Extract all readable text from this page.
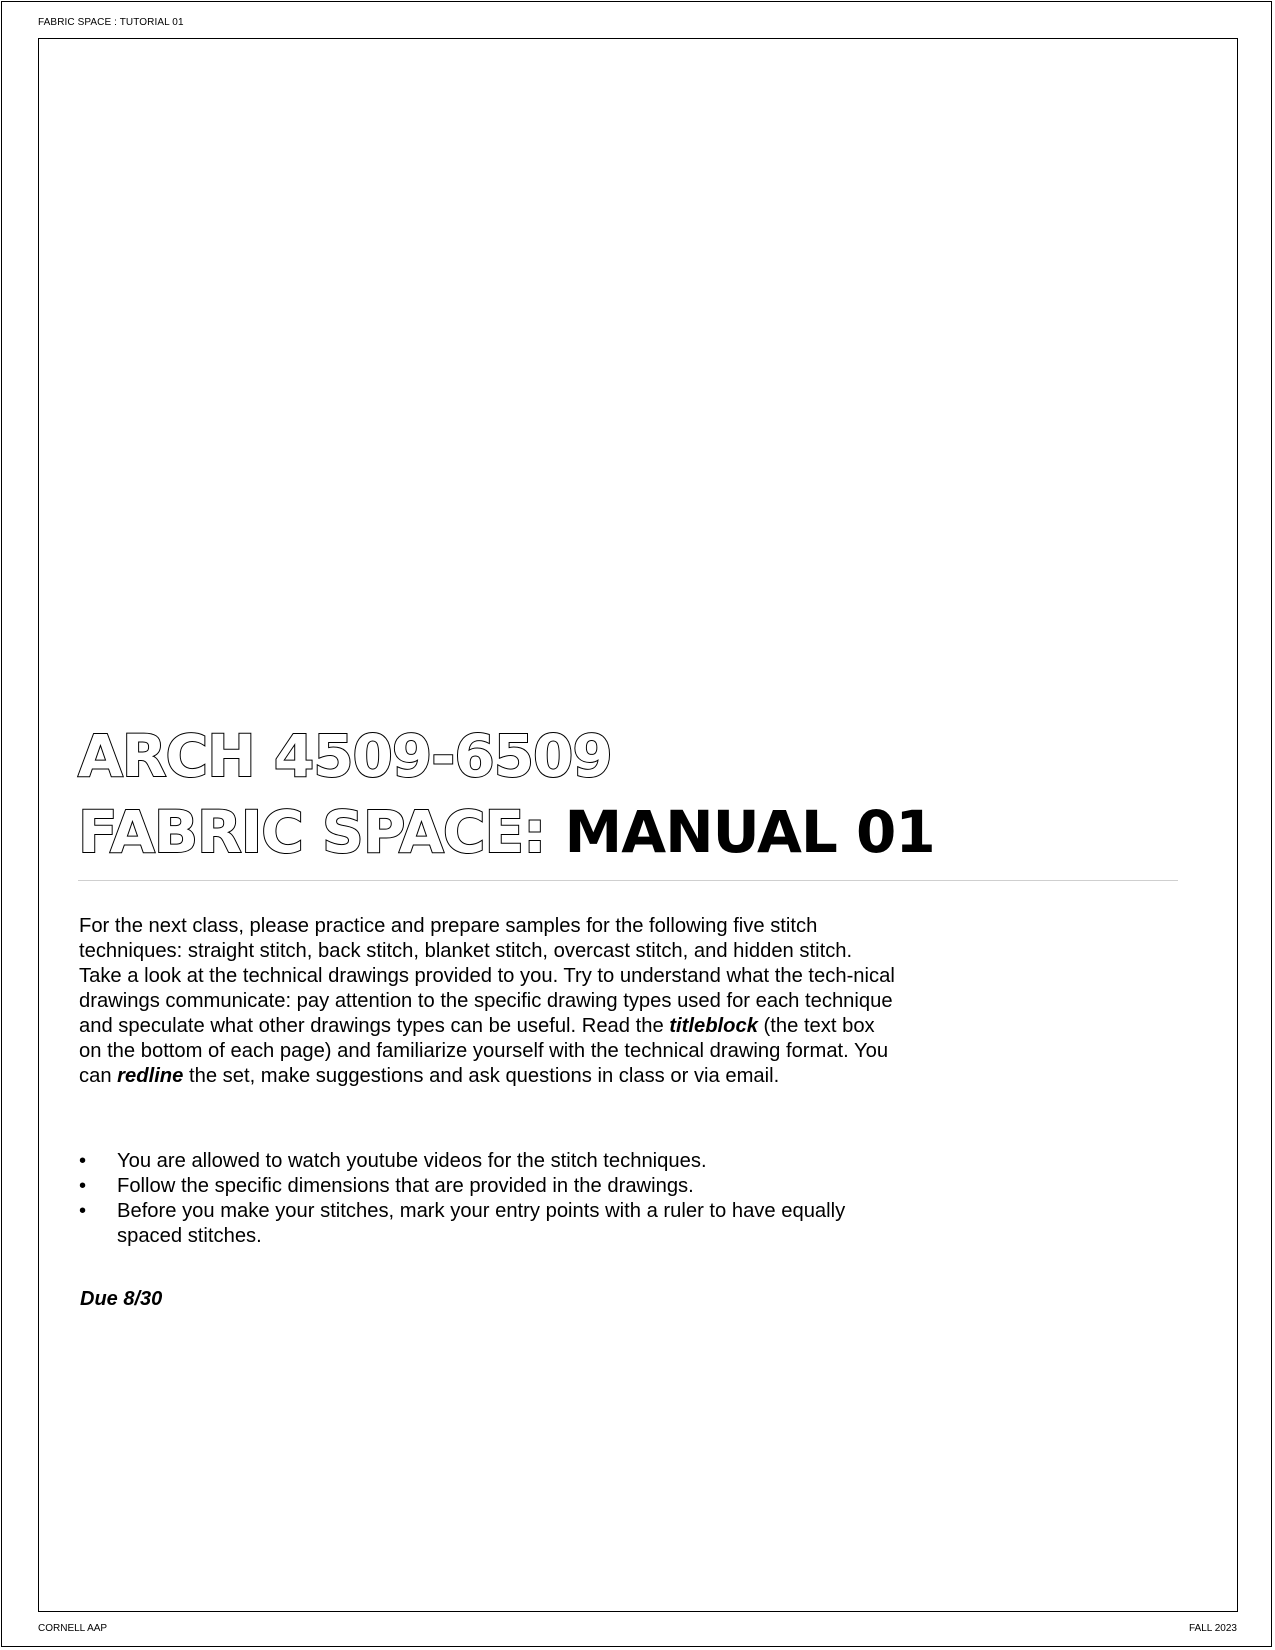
FABRIC SPACE : TUTORIAL 01
ARCH 4509-6509
FABRIC SPACE: MANUAL 01

For the next class, please practice and prepare samples for the following five stitch techniques: straight stitch, back stitch, blanket stitch, overcast stitch, and hidden stitch. Take a look at the technical drawings provided to you. Try to understand what the tech-nical drawings communicate: pay attention to the specific drawing types used for each technique and speculate what other drawings types can be useful. Read the titleblock (the text box on the bottom of each page) and familiarize yourself with the technical drawing format. You can redline the set, make suggestions and ask questions in class or via email.

•	You are allowed to watch youtube videos for the stitch techniques.
•	Follow the specific dimensions that are provided in the drawings.
•	Before you make your stitches, mark your entry points with a ruler to have equally spaced stitches.
Due 8/30
CORNELL AAP	FALL 2023
